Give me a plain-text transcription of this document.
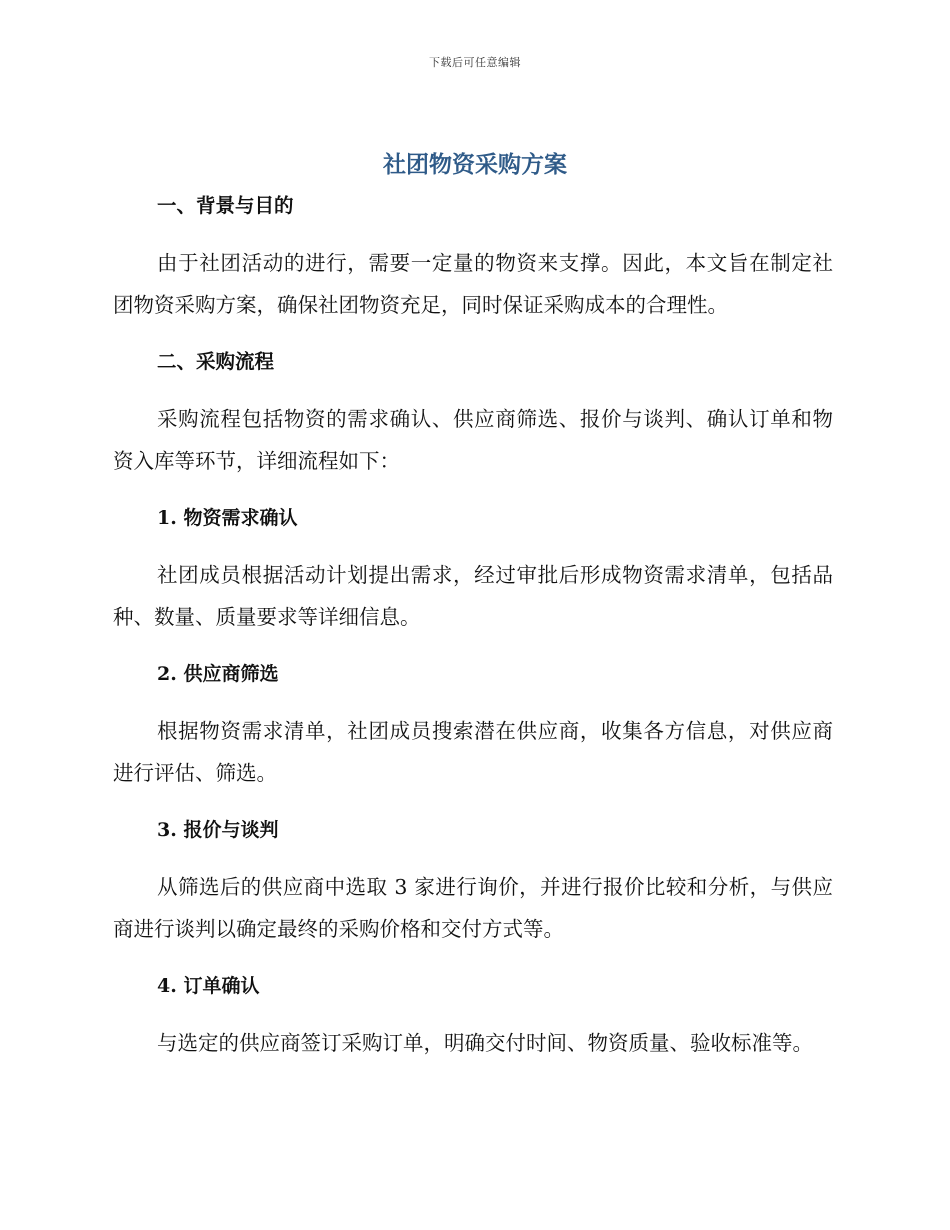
下载后可任意编辑
社团物资采购方案

一、背景与目的

由于社团活动的进行，需要一定量的物资来支撑。因此，本文旨在制定社团物资采购方案，确保社团物资充足，同时保证采购成本的合理性。

二、采购流程

采购流程包括物资的需求确认、供应商筛选、报价与谈判、确认订单和物资入库等环节，详细流程如下：

1. 物资需求确认

社团成员根据活动计划提出需求，经过审批后形成物资需求清单，包括品种、数量、质量要求等详细信息。

2. 供应商筛选

根据物资需求清单，社团成员搜索潜在供应商，收集各方信息，对供应商进行评估、筛选。

3. 报价与谈判

从筛选后的供应商中选取 3 家进行询价，并进行报价比较和分析，与供应商进行谈判以确定最终的采购价格和交付方式等。

4. 订单确认

与选定的供应商签订采购订单，明确交付时间、物资质量、验收标准等。
